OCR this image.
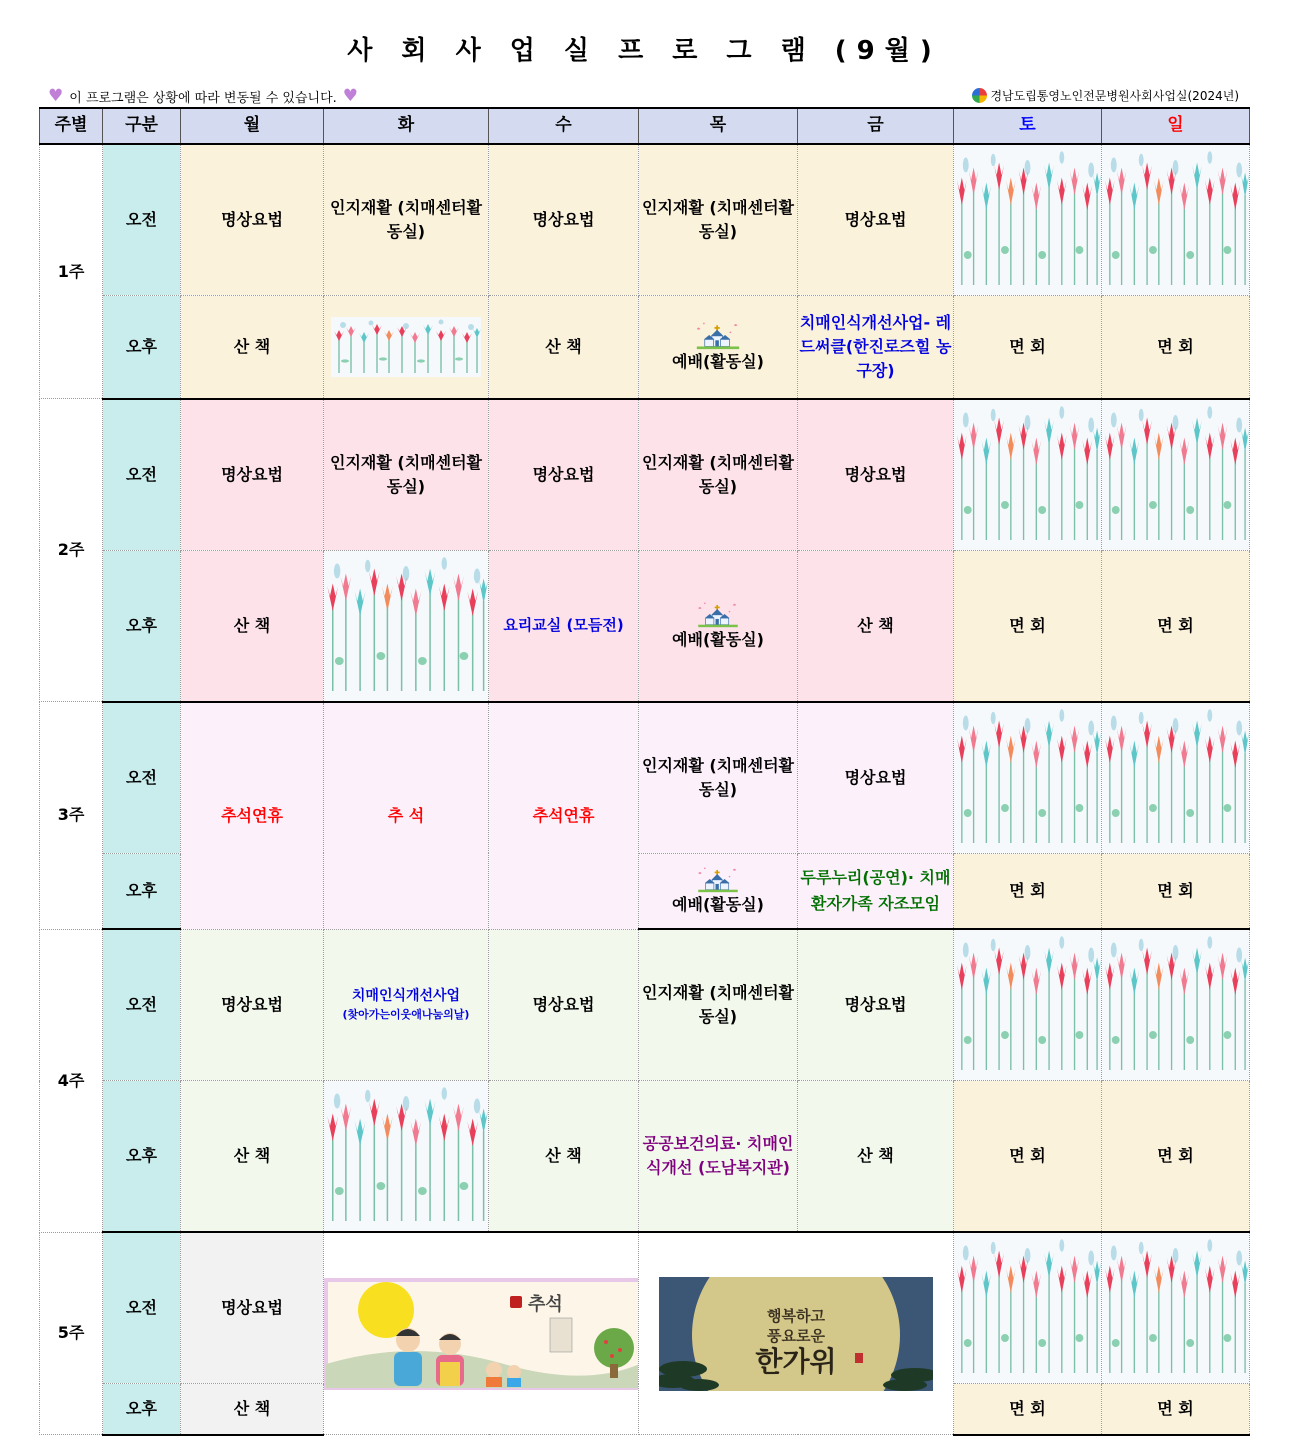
사 회 사 업 실 프 로 그 램 (9월)
♥ 이 프로그램은 상황에 따라 변동될 수 있습니다. ♥	경남도립통영노인전문병원사회사업실(2024년)
주별	구분	월	화	수	목	금	토	일
1주	오전	명상요법	인지재활 (치매센터활동실)	명상요법	인지재활 (치매센터활동실)	명상요법	

	오후	산 책		산 책	예배(활동실)	치매인식개선사업- 레드써클(한진로즈힐 농구장)	면 회	면 회
2주	오전	명상요법	인지재활 (치매센터활동실)	명상요법	인지재활 (치매센터활동실)	명상요법	

	오후	산 책		요리교실 (모듬전)	예배(활동실)	산 책	면 회	면 회
3주	오전	추석연휴	추 석	추석연휴	인지재활 (치매센터활동실)	명상요법	

	오후				예배(활동실)	두루누리(공연)· 치매환자가족 자조모임	면 회	면 회
4주	오전	명상요법	치매인식개선사업
(찾아가는이웃애나눔의날)	명상요법	인지재활 (치매센터활동실)	명상요법	

	오후	산 책		산 책	공공보건의료· 치매인식개선 (도남복지관)	산 책	면 회	면 회
5주	오전	명상요법	추석		행복하고
풍요로운
한가위

	오후	산 책					면 회	면 회
